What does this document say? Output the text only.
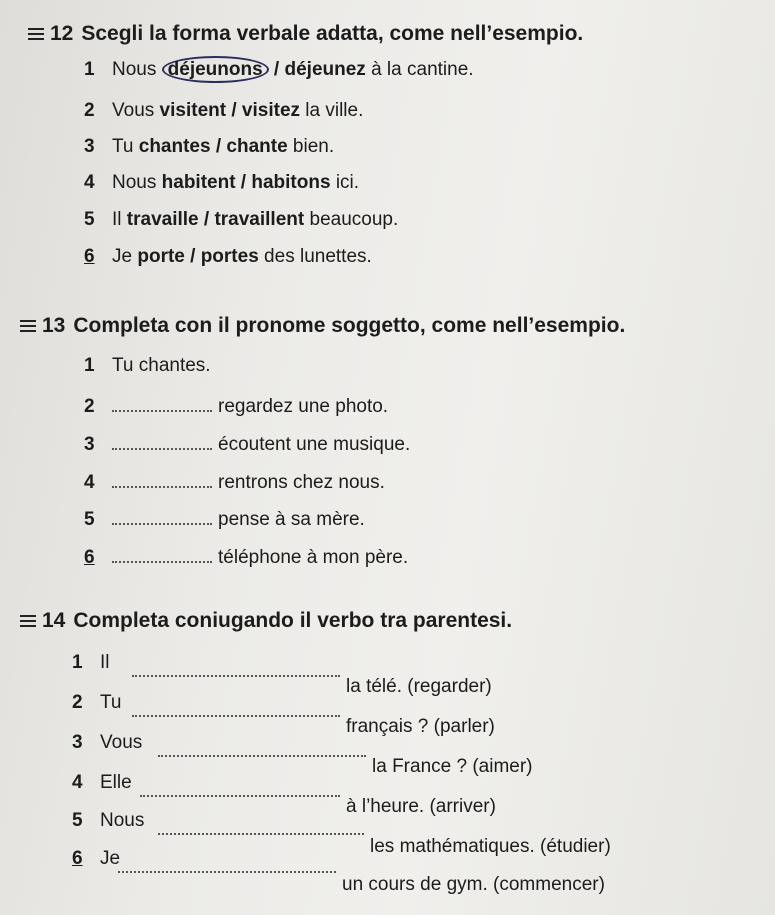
12 Scegli la forma verbale adatta, come nell’esempio.
1 Nous déjeunons / déjeunez à la cantine.
2 Vous visitent / visitez la ville.
3 Tu chantes / chante bien.
4 Nous habitent / habitons ici.
5 Il travaille / travaillent beaucoup.
6 Je porte / portes des lunettes.
13 Completa con il pronome soggetto, come nell’esempio.
1 Tu chantes.
2	regardez une photo.
3	écoutent une musique.
4	rentrons chez nous.
5	pense à sa mère.
6	téléphone à mon père.
14 Completa coniugando il verbo tra parentesi.
1 Il
la télé. (regarder)
2 Tu
français ? (parler)
3 Vous
la France ? (aimer)
4 Elle
à l’heure. (arriver)
5 Nous
les mathématiques. (étudier)
6 Je
un cours de gym. (commencer)
